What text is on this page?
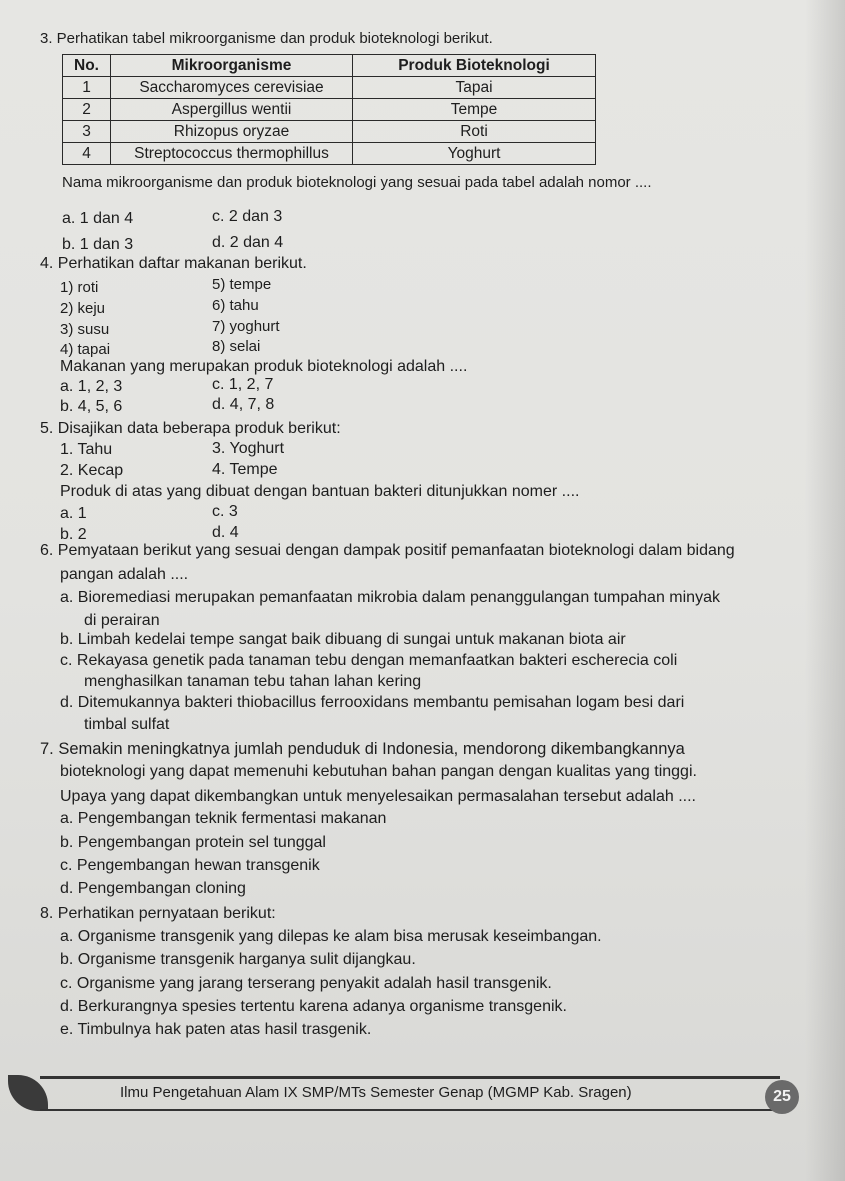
3. Perhatikan tabel mikroorganisme dan produk bioteknologi berikut.
No.	Mikroorganisme	Produk Bioteknologi
1	Saccharomyces cerevisiae	Tapai
2	Aspergillus wentii	Tempe
3	Rhizopus oryzae	Roti
4	Streptococcus thermophillus	Yoghurt
Nama mikroorganisme dan produk bioteknologi yang sesuai pada tabel adalah nomor ....
a. 1 dan 4
b. 1 dan 3
c. 2 dan 3
d. 2 dan 4
4. Perhatikan daftar makanan berikut.
1) roti
2) keju
3) susu
4) tapai
5) tempe
6) tahu
7) yoghurt
8) selai
Makanan yang merupakan produk bioteknologi adalah ....
a. 1, 2, 3
b. 4, 5, 6
c. 1, 2, 7
d. 4, 7, 8
5. Disajikan data beberapa produk berikut:
1. Tahu
2. Kecap
3. Yoghurt
4. Tempe
Produk di atas yang dibuat dengan bantuan bakteri ditunjukkan nomer ....
a. 1
b. 2
c. 3
d. 4
6. Pemyataan berikut yang sesuai dengan dampak positif pemanfaatan bioteknologi dalam bidang
pangan adalah ....
a. Bioremediasi merupakan pemanfaatan mikrobia dalam penanggulangan tumpahan minyak
di perairan
b. Limbah kedelai tempe sangat baik dibuang di sungai untuk makanan biota air
c. Rekayasa genetik pada tanaman tebu dengan memanfaatkan bakteri escherecia coli
menghasilkan tanaman tebu tahan lahan kering
d. Ditemukannya bakteri thiobacillus ferrooxidans membantu pemisahan logam besi dari
timbal sulfat
7. Semakin meningkatnya jumlah penduduk di Indonesia, mendorong dikembangkannya
bioteknologi yang dapat memenuhi kebutuhan bahan pangan dengan kualitas yang tinggi.
Upaya yang dapat dikembangkan untuk menyelesaikan permasalahan tersebut adalah ....
a. Pengembangan teknik fermentasi makanan
b. Pengembangan protein sel tunggal
c. Pengembangan hewan transgenik
d. Pengembangan cloning
8. Perhatikan pernyataan berikut:
a. Organisme transgenik yang dilepas ke alam bisa merusak keseimbangan.
b. Organisme transgenik harganya sulit dijangkau.
c. Organisme yang jarang terserang penyakit adalah hasil transgenik.
d. Berkurangnya spesies tertentu karena adanya organisme transgenik.
e. Timbulnya hak paten atas hasil trasgenik.
Ilmu Pengetahuan Alam IX SMP/MTs Semester Genap (MGMP Kab. Sragen)	25
